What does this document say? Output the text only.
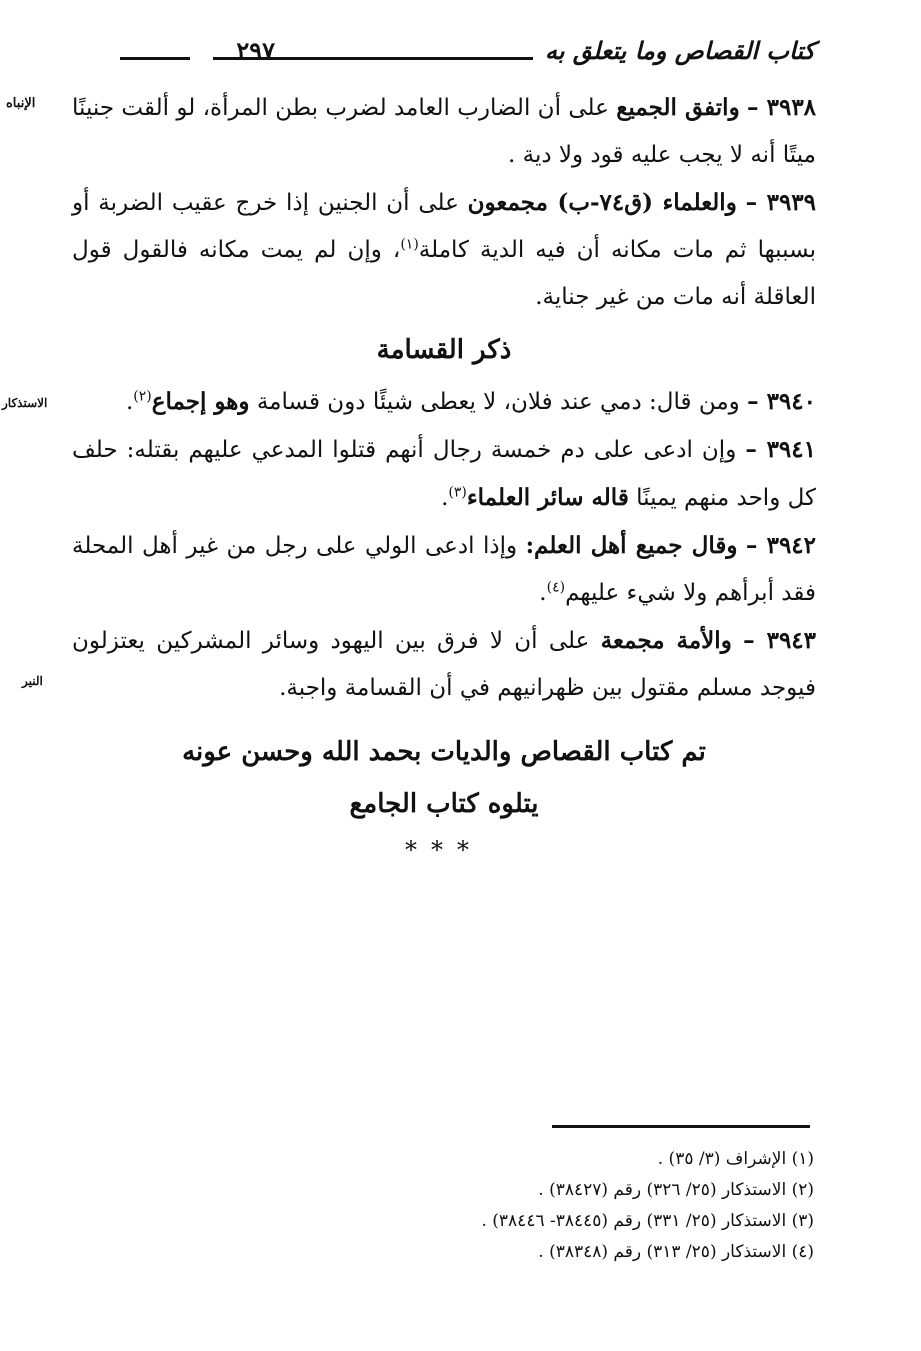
كتاب القصاص وما يتعلق به
٢٩٧
الإنباه
الاستذكار
النير

٣٩٣٨ – واتفق الجميع على أن الضارب العامد لضرب بطن المرأة، لو ألقت جنينًا ميتًا أنه لا يجب عليه قود ولا دية .

٣٩٣٩ – والعلماء (ق٧٤-ب) مجمعون على أن الجنين إذا خرج عقيب الضربة أو بسببها ثم مات مكانه أن فيه الدية كاملة$^{(١)}$، وإن لم يمت مكانه فالقول قول العاقلة أنه مات من غير جناية.

ذكر القسامة

٣٩٤٠ – ومن قال: دمي عند فلان، لا يعطى شيئًا دون قسامة وهو إجماع$^{(٢)}$.

٣٩٤١ – وإن ادعى على دم خمسة رجال أنهم قتلوا المدعي عليهم بقتله: حلف كل واحد منهم يمينًا قاله سائر العلماء$^{(٣)}$.

٣٩٤٢ – وقال جميع أهل العلم: وإذا ادعى الولي على رجل من غير أهل المحلة فقد أبرأهم ولا شيء عليهم$^{(٤)}$.

٣٩٤٣ – والأمة مجمعة على أن لا فرق بين اليهود وسائر المشركين يعتزلون فيوجد مسلم مقتول بين ظهرانيهم في أن القسامة واجبة.

تم كتاب القصاص والديات بحمد الله وحسن عونه
يتلوه كتاب الجامع
***

(١) الإشراف (٣/ ٣٥) .

(٢) الاستذكار (٢٥/ ٣٢٦) رقم (٣٨٤٢٧) .

(٣) الاستذكار (٢٥/ ٣٣١) رقم (٣٨٤٤٥- ٣٨٤٤٦) .

(٤) الاستذكار (٢٥/ ٣١٣) رقم (٣٨٣٤٨) .
